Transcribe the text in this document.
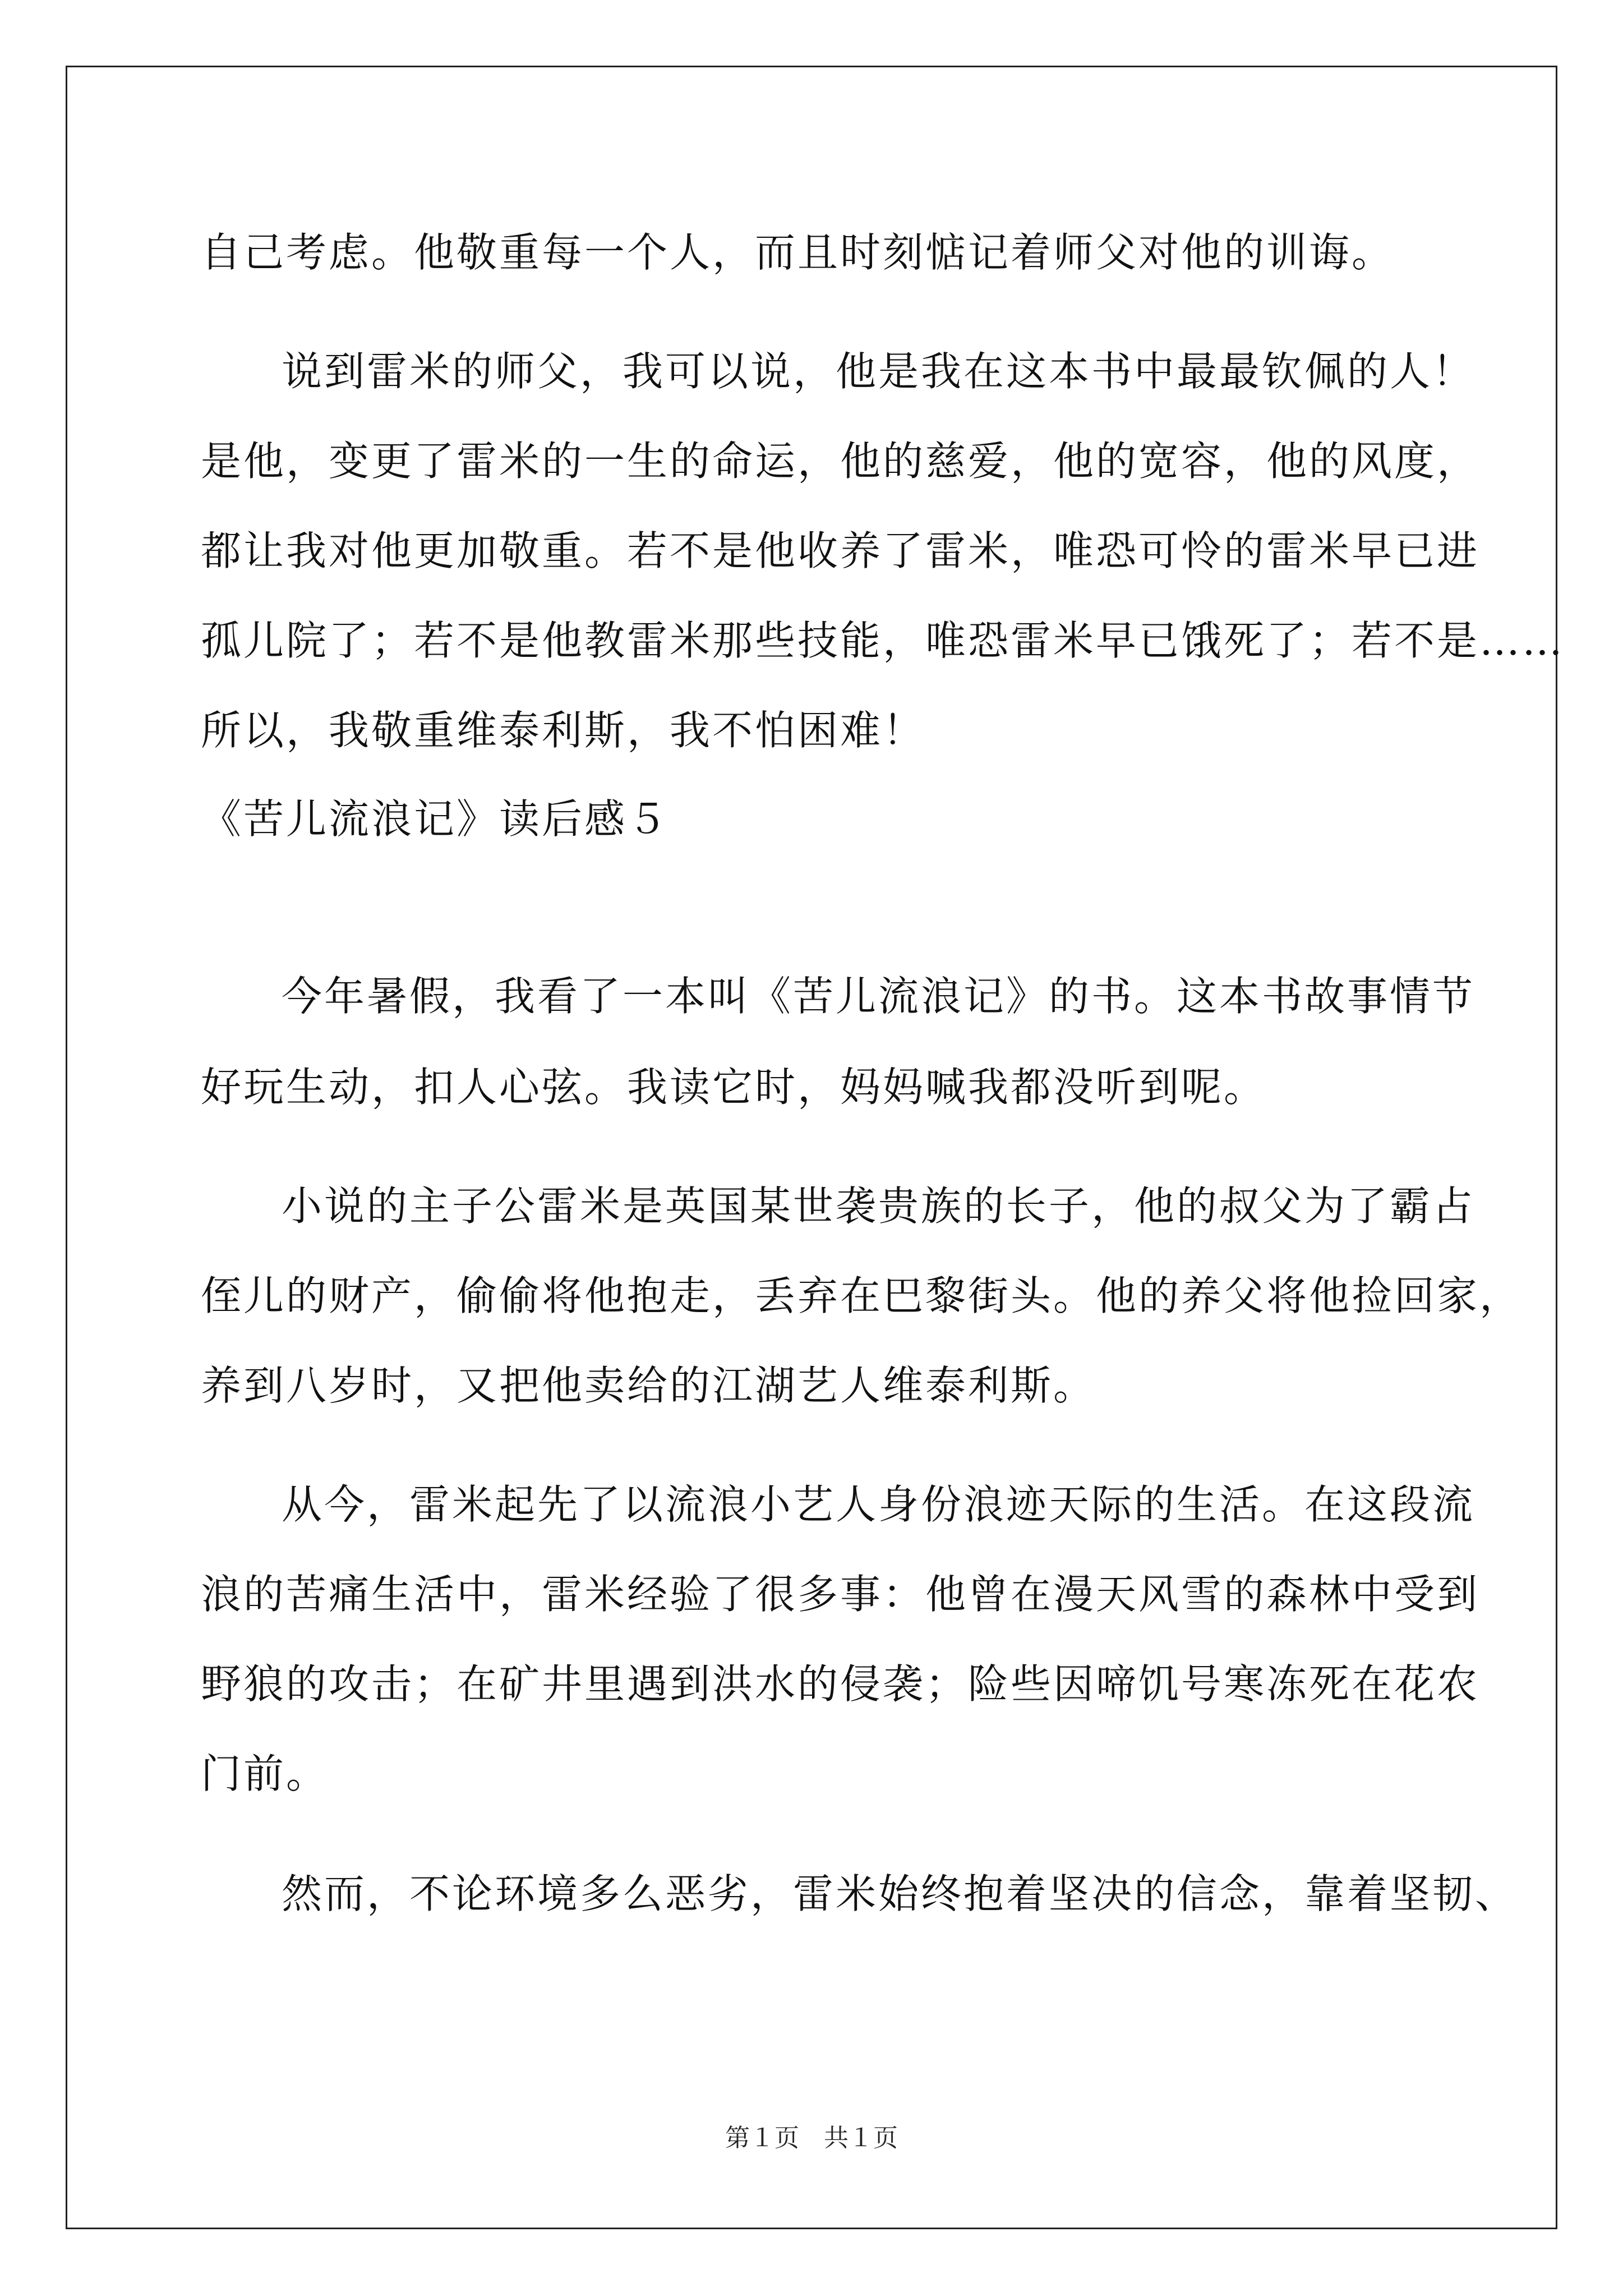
自己考虑。他敬重每一个人，而且时刻惦记着师父对他的训诲。
说到雷米的师父，我可以说，他是我在这本书中最最钦佩的人！
是他，变更了雷米的一生的命运，他的慈爱，他的宽容，他的风度，
都让我对他更加敬重。若不是他收养了雷米，唯恐可怜的雷米早已进
孤儿院了；若不是他教雷米那些技能，唯恐雷米早已饿死了；若不是……
所以，我敬重维泰利斯，我不怕困难！
《苦儿流浪记》读后感５
今年暑假，我看了一本叫《苦儿流浪记》的书。这本书故事情节
好玩生动，扣人心弦。我读它时，妈妈喊我都没听到呢。
小说的主子公雷米是英国某世袭贵族的长子，他的叔父为了霸占
侄儿的财产，偷偷将他抱走，丢弃在巴黎街头。他的养父将他捡回家，
养到八岁时，又把他卖给的江湖艺人维泰利斯。
从今，雷米起先了以流浪小艺人身份浪迹天际的生活。在这段流
浪的苦痛生活中，雷米经验了很多事：他曾在漫天风雪的森林中受到
野狼的攻击；在矿井里遇到洪水的侵袭；险些因啼饥号寒冻死在花农
门前。
然而，不论环境多么恶劣，雷米始终抱着坚决的信念，靠着坚韧、
第１页　共１页
